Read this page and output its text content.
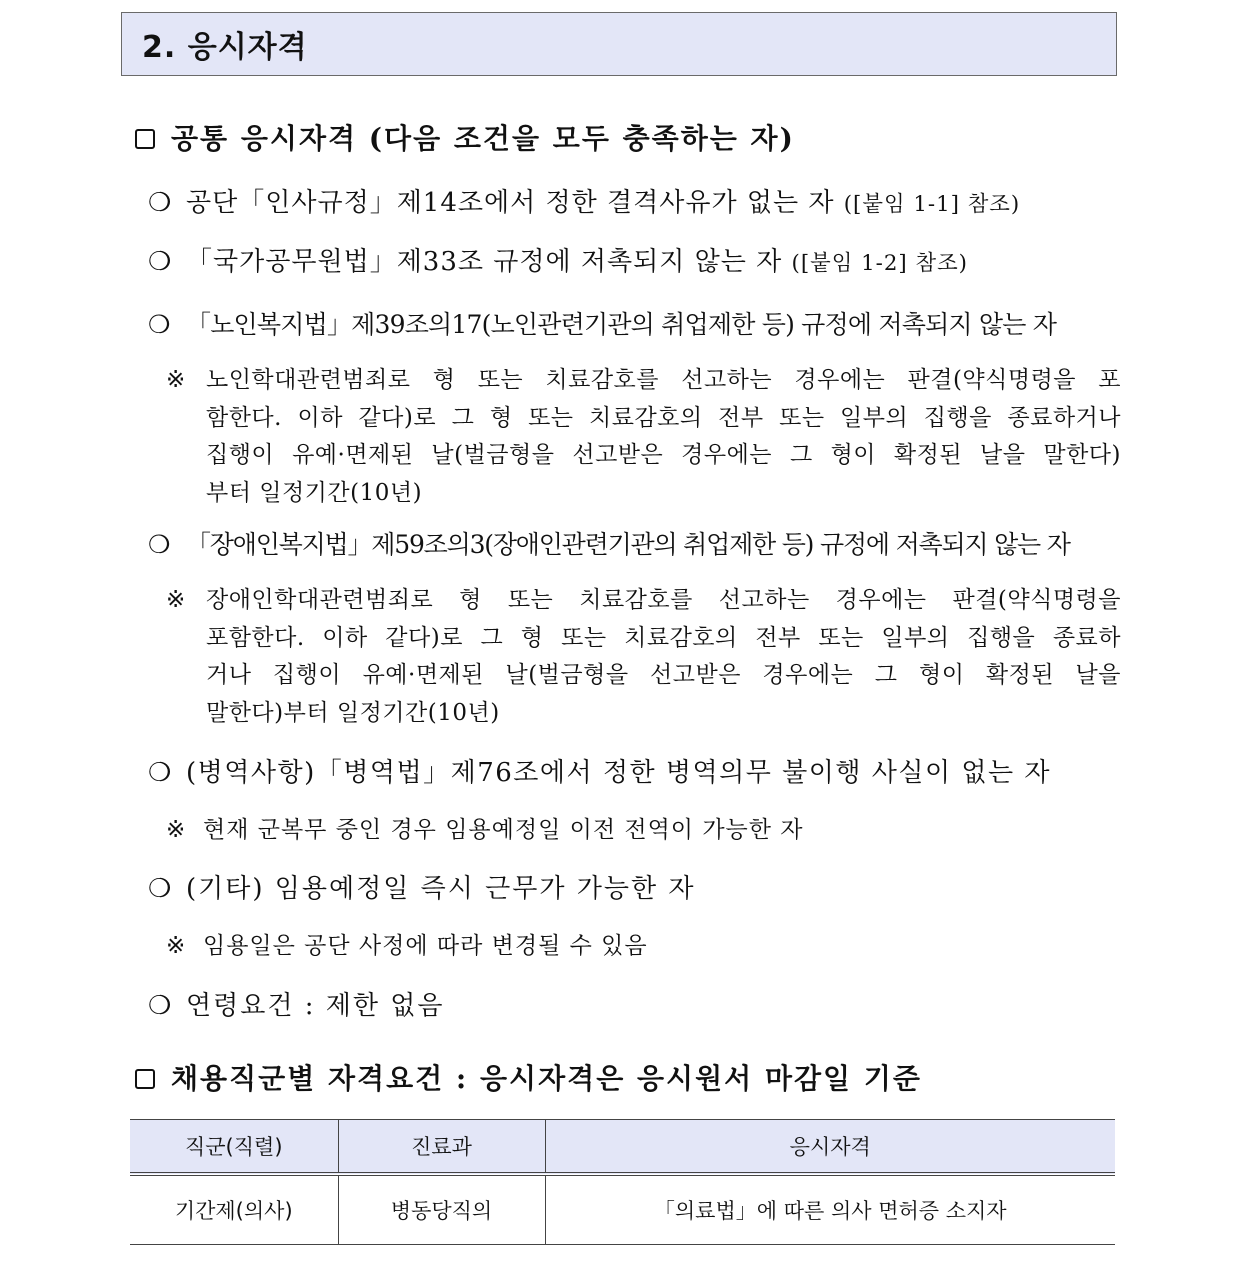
2. 응시자격
공통 응시자격 (다음 조건을 모두 충족하는 자)
❍ 공단「인사규정」제14조에서 정한 결격사유가 없는 자 ([붙임 1-1] 참조)
❍ 「국가공무원법」제33조 규정에 저촉되지 않는 자 ([붙임 1-2] 참조)
❍ 「노인복지법」제39조의17(노인관련기관의 취업제한 등) 규정에 저촉되지 않는 자
※ 노인학대관련범죄로 형 또는 치료감호를 선고하는 경우에는 판결(약식명령을 포
함한다. 이하 같다)로 그 형 또는 치료감호의 전부 또는 일부의 집행을 종료하거나
집행이 유예·면제된 날(벌금형을 선고받은 경우에는 그 형이 확정된 날을 말한다)
부터 일정기간(10년)
❍ 「장애인복지법」제59조의3(장애인관련기관의 취업제한 등) 규정에 저촉되지 않는 자
※ 장애인학대관련범죄로 형 또는 치료감호를 선고하는 경우에는 판결(약식명령을
포함한다. 이하 같다)로 그 형 또는 치료감호의 전부 또는 일부의 집행을 종료하
거나 집행이 유예·면제된 날(벌금형을 선고받은 경우에는 그 형이 확정된 날을
말한다)부터 일정기간(10년)
❍ (병역사항)「병역법」제76조에서 정한 병역의무 불이행 사실이 없는 자
※ 현재 군복무 중인 경우 임용예정일 이전 전역이 가능한 자
❍ (기타) 임용예정일 즉시 근무가 가능한 자
※ 임용일은 공단 사정에 따라 변경될 수 있음
❍ 연령요건 : 제한 없음
채용직군별 자격요건 : 응시자격은 응시원서 마감일 기준
직군(직렬)	진료과	응시자격
기간제(의사)	병동당직의	「의료법」에 따른 의사 면허증 소지자
